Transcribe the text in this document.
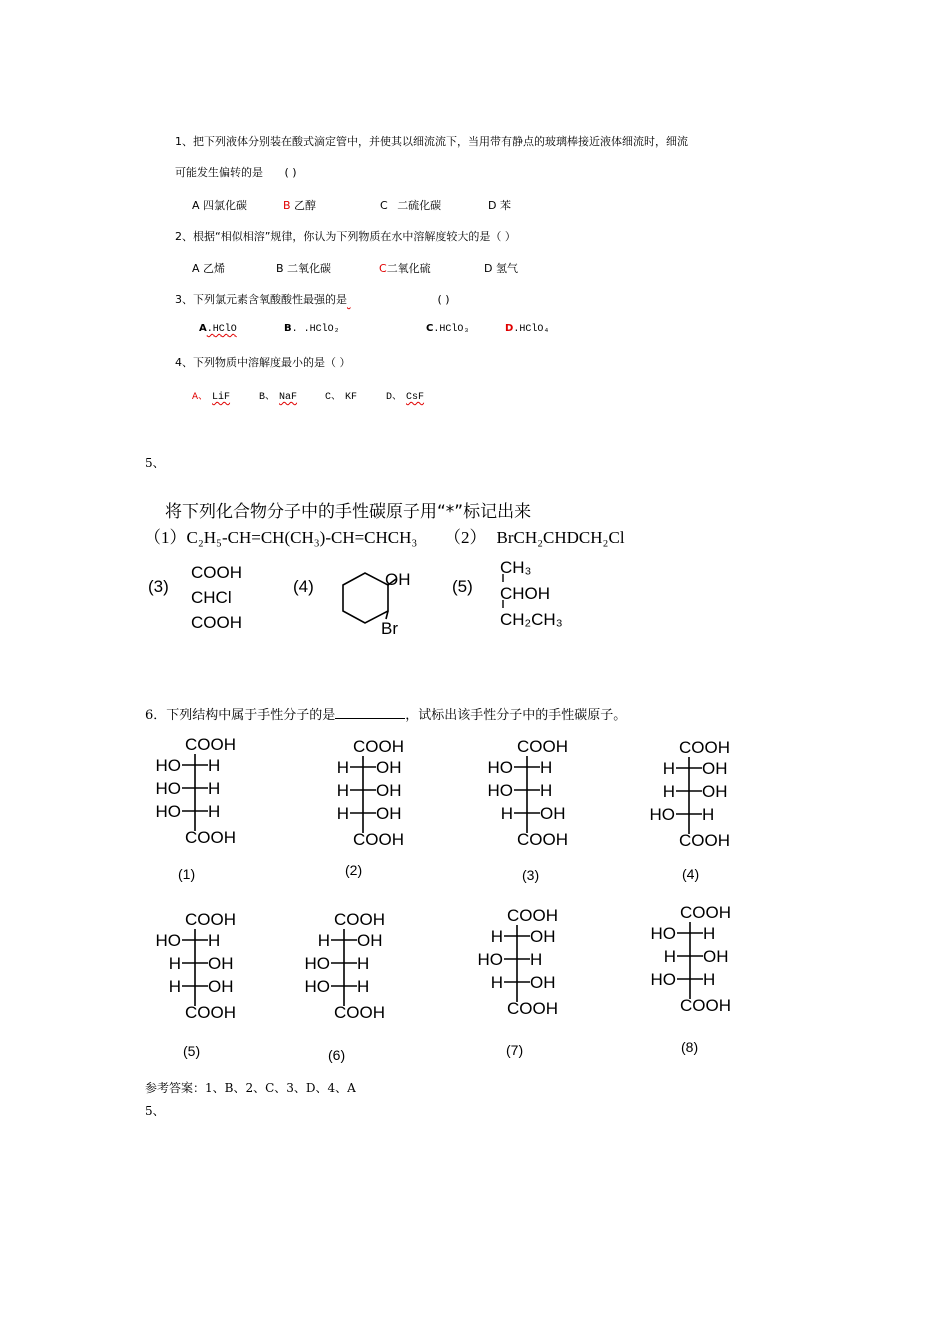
1、把下列液体分别装在酸式滴定管中，并使其以细流流下，当用带有静点的玻璃棒接近液体细流时，细流
可能发生偏转的是 ( )
A 四氯化碳	B 乙醇	C 二硫化碳	D 苯
2、根据“相似相溶”规律，你认为下列物质在水中溶解度较大的是（ ）
A 乙烯	B 二氧化碳	C二氧化硫	D 氢气
3、下列氯元素含氧酸酸性最强的是	( )
A.HClO	B. .HClO₂	C.HClO₃	D.HClO₄
4、下列物质中溶解度最小的是（ ）
A、 LiF	B、 NaF	C、 KF	D、 CsF
5、
将下列化合物分子中的手性碳原子用“*”标记出来
（1）C₂H₅-CH=CH(CH₃)-CH=CHCH₃ （2） BrCH₂CHDCH₂Cl
(3)
COOH
CHCl
COOH
(4)	OH
Br
(5)
CH₃
CHOH
CH₂CH₃
6．下列结构中属于手性分子的是	，试标出该手性分子中的手性碳原子。
COOH
HO H
HO H
HO H
COOH
(1)
COOH
H OH
H OH
H OH
COOH
(2)
COOH
HO H
HO H
H OH
COOH
(3)
COOH
H OH
H OH
HO H
COOH
(4)
COOH
HO H
H OH
H OH
COOH
(5)
COOH
H OH
HO H
HO H
COOH
(6)
COOH
H OH
HO H
H OH
COOH
(7)
COOH
HO H
H OH
HO H
COOH
(8)
参考答案：1、B、2、C、3、D、4、A
5、
